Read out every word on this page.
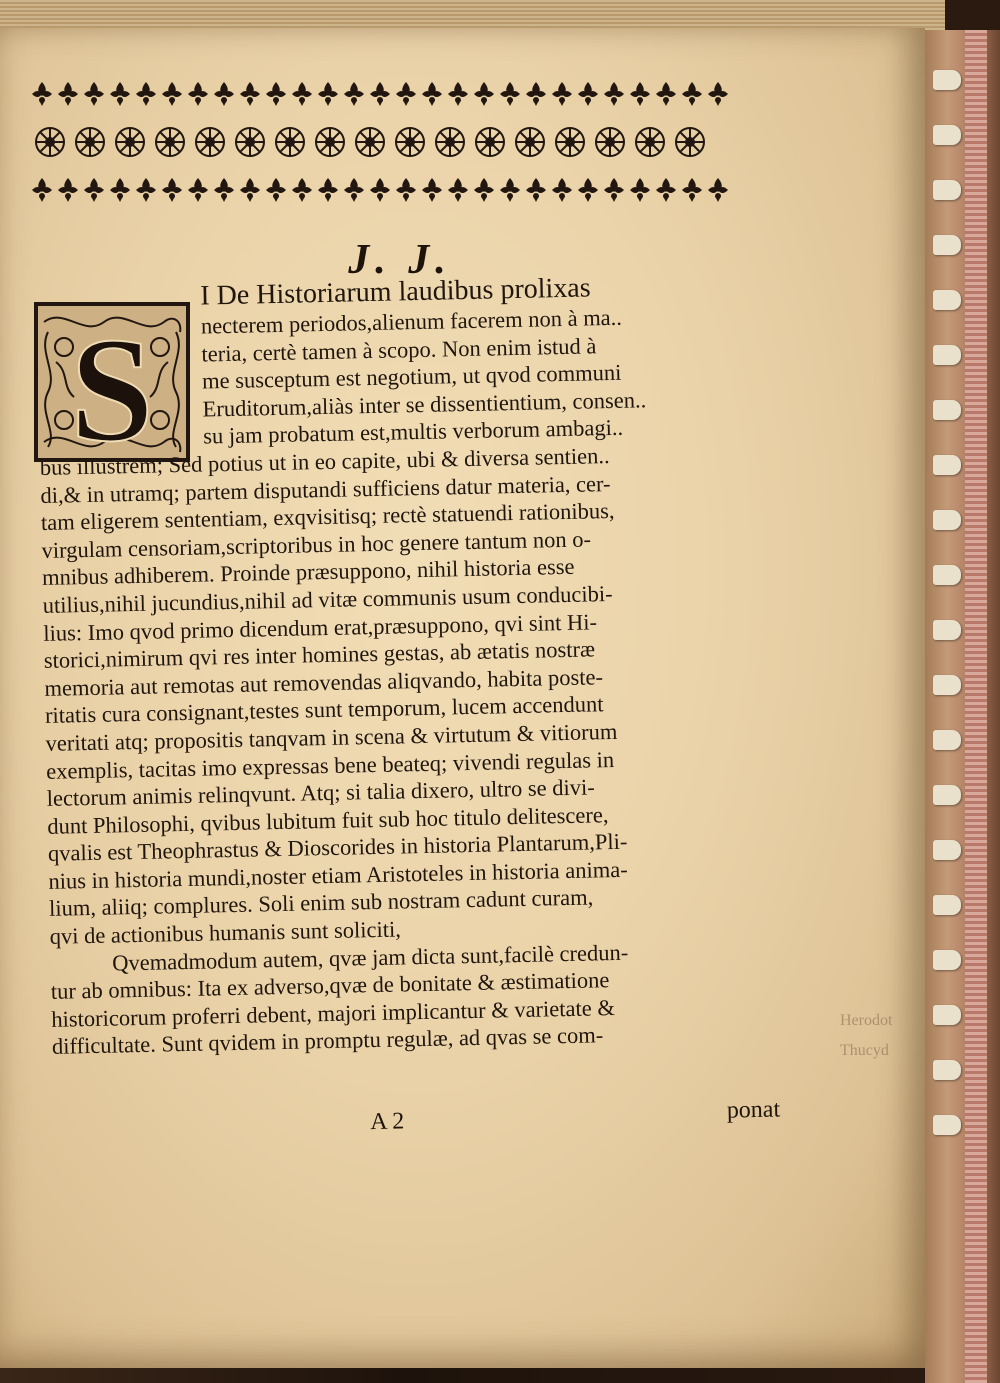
J. J.
S
I De Historiarum laudibus prolixas
necterem periodos,alienum facerem non à ma..
teria, certè tamen à scopo. Non enim istud à
me susceptum est negotium, ut qvod communi
Eruditorum,aliàs inter se dissentientium, consen..
su jam probatum est,multis verborum ambagi..
bus illustrem; Sed potius ut in eo capite, ubi & diversa sentien..
di,& in utramq; partem disputandi sufficiens datur materia, cer-
tam eligerem sententiam, exqvisitisq; rectè statuendi rationibus,
virgulam censoriam,scriptoribus in hoc genere tantum non o-
mnibus adhiberem. Proinde præsuppono, nihil historia esse
utilius,nihil jucundius,nihil ad vitæ communis usum conducibi-
lius: Imo qvod primo dicendum erat,præsuppono, qvi sint Hi-
storici,nimirum qvi res inter homines gestas, ab ætatis nostræ
memoria aut remotas aut removendas aliqvando, habita poste-
ritatis cura consignant,testes sunt temporum, lucem accendunt
veritati atq; propositis tanqvam in scena & virtutum & vitiorum
exemplis, tacitas imo expressas bene beateq; vivendi regulas in
lectorum animis relinqvunt. Atq; si talia dixero, ultro se divi-
dunt Philosophi, qvibus lubitum fuit sub hoc titulo delitescere,
qvalis est Theophrastus & Dioscorides in historia Plantarum,Pli-
nius in historia mundi,noster etiam Aristoteles in historia anima-
lium, aliiq; complures. Soli enim sub nostram cadunt curam,
qvi de actionibus humanis sunt soliciti,
Qvemadmodum autem, qvæ jam dicta sunt,facilè credun-
tur ab omnibus: Ita ex adverso,qvæ de bonitate & æstimatione
historicorum proferri debent, majori implicantur & varietate &
difficultate. Sunt qvidem in promptu regulæ, ad qvas se com-
A 2	ponat
Herodot
Thucyd
